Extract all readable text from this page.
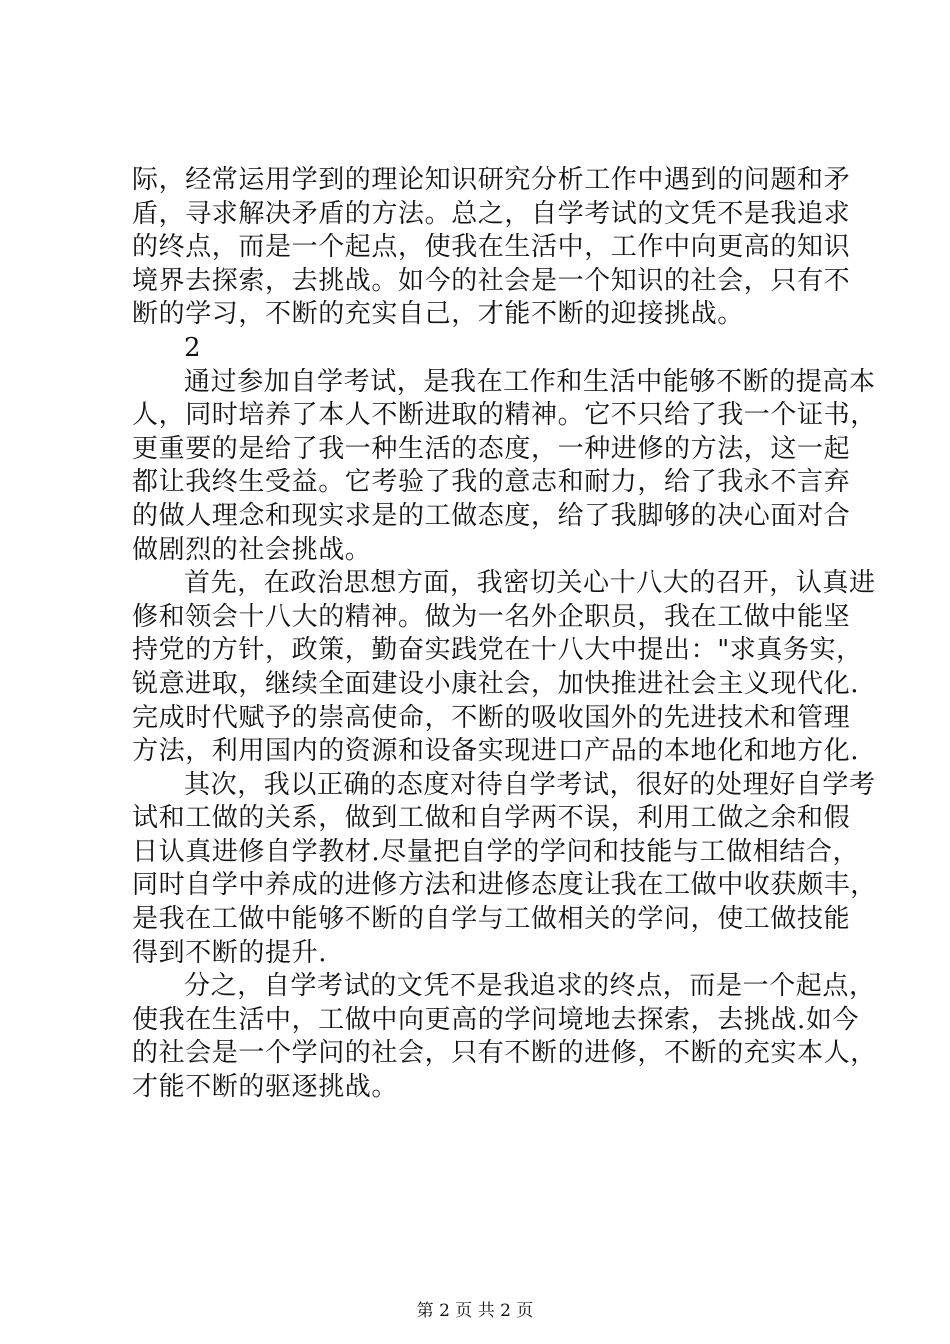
际，经常运用学到的理论知识研究分析工作中遇到的问题和矛
盾，寻求解决矛盾的方法。总之，自学考试的文凭不是我追求
的终点，而是一个起点，使我在生活中，工作中向更高的知识
境界去探索，去挑战。如今的社会是一个知识的社会，只有不
断的学习，不断的充实自己，才能不断的迎接挑战。
2
通过参加自学考试，是我在工作和生活中能够不断的提高本
人，同时培养了本人不断进取的精神。它不只给了我一个证书，
更重要的是给了我一种生活的态度，一种进修的方法，这一起
都让我终生受益。它考验了我的意志和耐力，给了我永不言弃
的做人理念和现实求是的工做态度，给了我脚够的决心面对合
做剧烈的社会挑战。
首先，在政治思想方面，我密切关心十八大的召开，认真进
修和领会十八大的精神。做为一名外企职员，我在工做中能坚
持党的方针，政策，勤奋实践党在十八大中提出："求真务实，
锐意进取，继续全面建设小康社会，加快推进社会主义现代化.
完成时代赋予的崇高使命，不断的吸收国外的先进技术和管理
方法，利用国内的资源和设备实现进口产品的本地化和地方化.
其次，我以正确的态度对待自学考试，很好的处理好自学考
试和工做的关系，做到工做和自学两不误，利用工做之余和假
日认真进修自学教材.尽量把自学的学问和技能与工做相结合，
同时自学中养成的进修方法和进修态度让我在工做中收获颇丰，
是我在工做中能够不断的自学与工做相关的学问，使工做技能
得到不断的提升.
分之，自学考试的文凭不是我追求的终点，而是一个起点，
使我在生活中，工做中向更高的学问境地去探索，去挑战.如今
的社会是一个学问的社会，只有不断的进修，不断的充实本人，
才能不断的驱逐挑战。
第 2 页 共 2 页
